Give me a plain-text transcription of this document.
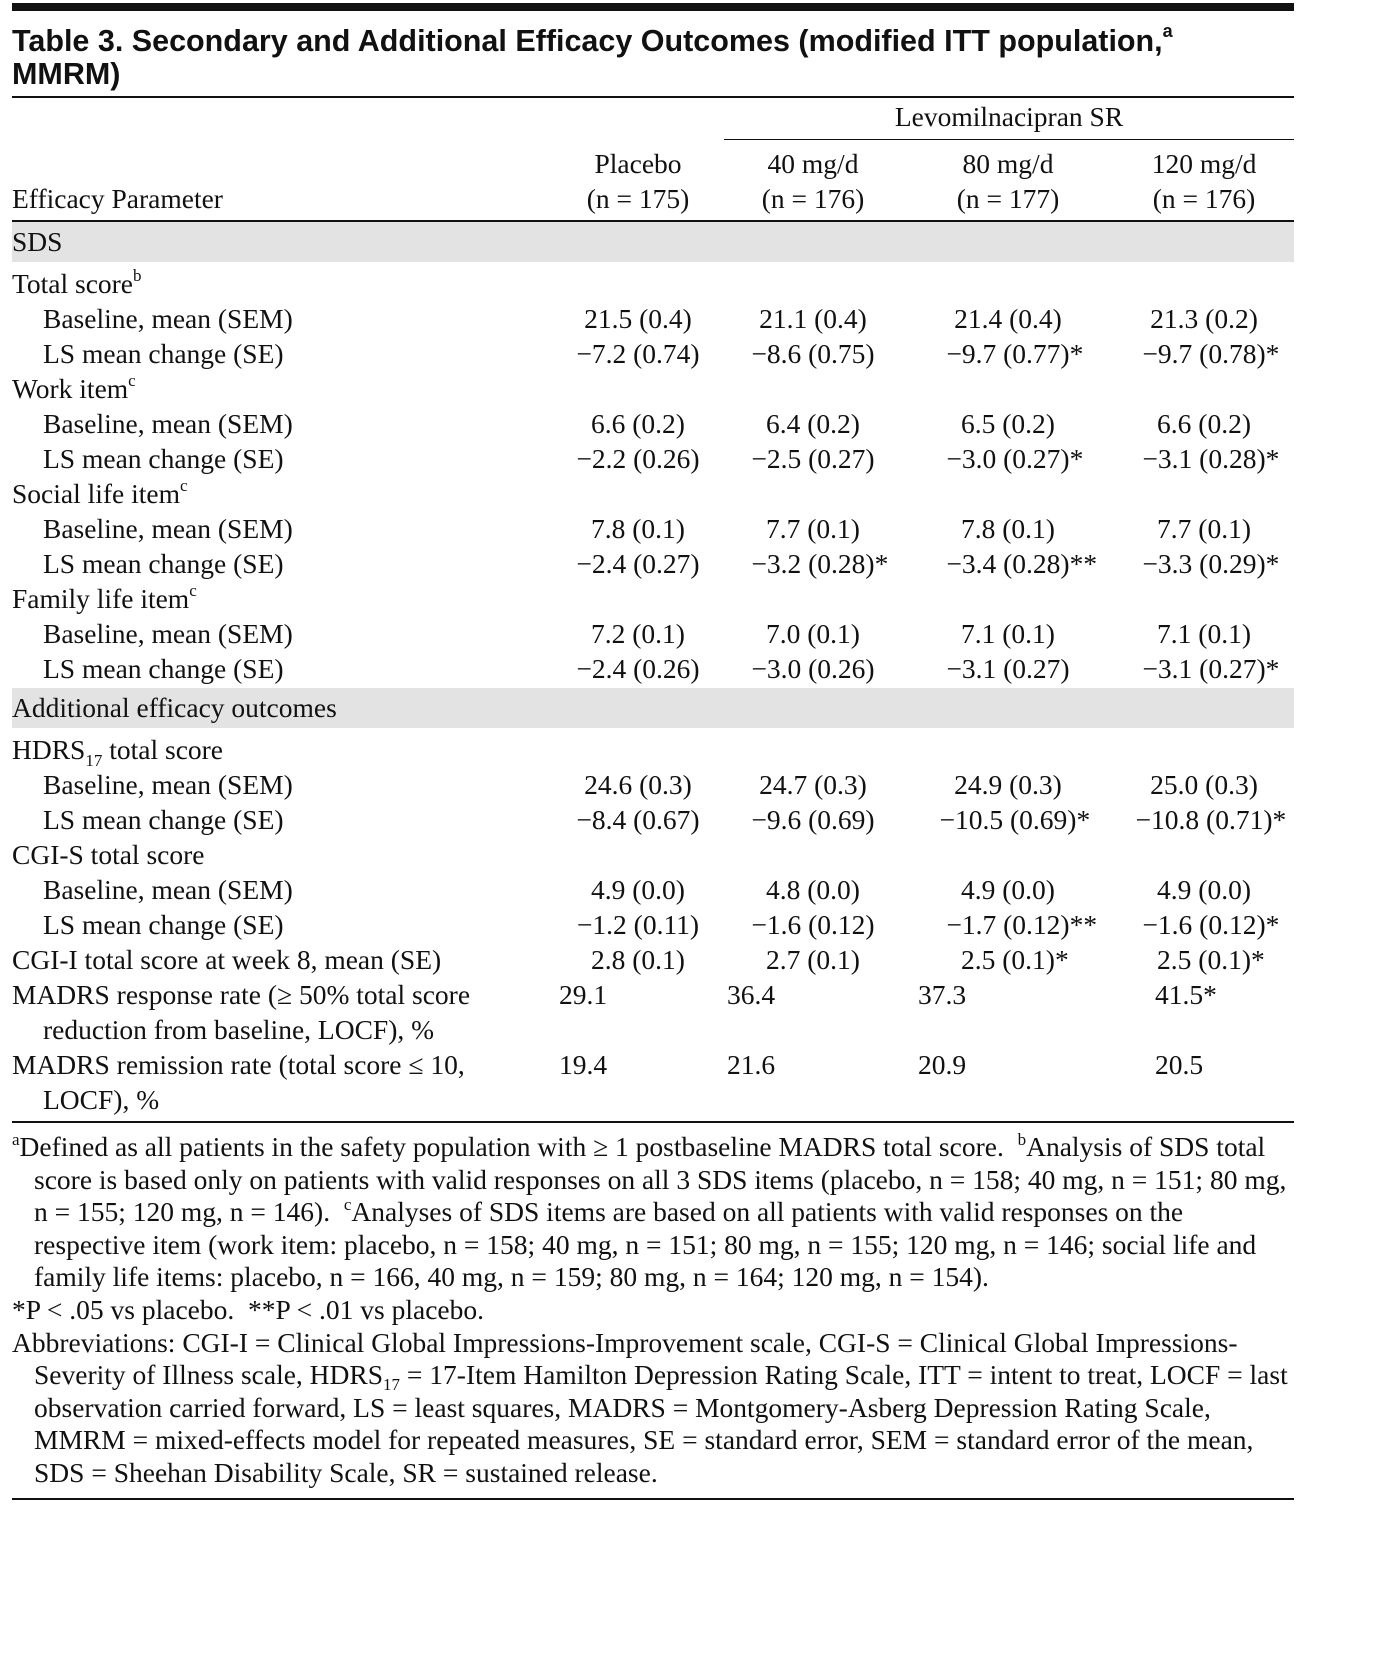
Table 3. Secondary and Additional Efficacy Outcomes (modified ITT population,$^a$
MMRM)
		Levomilnacipran SR		
	Placebo	40 mg/d	80 mg/d	120 mg/d
Efficacy Parameter	(n = 175)	(n = 176)	(n = 177)	(n = 176)

SDS				

Total score$^b$
Baseline, mean (SEM)	21.5 (0.4)	21.1 (0.4)	21.4 (0.4)	21.3 (0.2)
LS mean change (SE)	−7.2 (0.74)	−8.6 (0.75)	−9.7 (0.77)*	−9.7 (0.78)*
Work item$^c$
Baseline, mean (SEM)	6.6 (0.2)	6.4 (0.2)	6.5 (0.2)	6.6 (0.2)
LS mean change (SE)	−2.2 (0.26)	−2.5 (0.27)	−3.0 (0.27)*	−3.1 (0.28)*
Social life item$^c$
Baseline, mean (SEM)	7.8 (0.1)	7.7 (0.1)	7.8 (0.1)	7.7 (0.1)
LS mean change (SE)	−2.4 (0.27)	−3.2 (0.28)*	−3.4 (0.28)**	−3.3 (0.29)*
Family life item$^c$
Baseline, mean (SEM)	7.2 (0.1)	7.0 (0.1)	7.1 (0.1)	7.1 (0.1)
LS mean change (SE)	−2.4 (0.26)	−3.0 (0.26)	−3.1 (0.27)	−3.1 (0.27)*

Additional efficacy outcomes				

$HDRS_{17}$ total score				
Baseline, mean (SEM)	24.6 (0.3)	24.7 (0.3)	24.9 (0.3)	25.0 (0.3)
LS mean change (SE)	−8.4 (0.67)	−9.6 (0.69)	−10.5 (0.69)*	−10.8 (0.71)*
CGI-S total score				
Baseline, mean (SEM)	4.9 (0.0)	4.8 (0.0)	4.9 (0.0)	4.9 (0.0)
LS mean change (SE)	−1.2 (0.11)	−1.6 (0.12)	−1.7 (0.12)**	−1.6 (0.12)*
CGI-I total score at week 8, mean (SE)	2.8 (0.1)	2.7 (0.1)	2.5 (0.1)*	2.5 (0.1)*
MADRS response rate (≥ 50% total score	29.1	36.4	37.3	41.5*
reduction from baseline, LOCF), %				
MADRS remission rate (total score ≤ 10,	19.4	21.6	20.9	20.5
LOCF), %				

$^a$Defined as all patients in the safety population with ≥ 1 postbaseline MADRS total score. $^b$Analysis of SDS total score is based only on patients with valid responses on all 3 SDS items (placebo, n = 158; 40 mg, n = 151; 80 mg, n = 155; 120 mg, n = 146). $^c$Analyses of SDS items are based on all patients with valid responses on the respective item (work item: placebo, n = 158; 40 mg, n = 151; 80 mg, n = 155; 120 mg, n = 146; social life and family life items: placebo, n = 166, 40 mg, n = 159; 80 mg, n = 164; 120 mg, n = 154).

*P < .05 vs placebo. **P < .01 vs placebo.

Abbreviations: CGI-I = Clinical Global Impressions-Improvement scale, CGI-S = Clinical Global Impressions-Severity of Illness scale, $HDRS_{17}$ = 17-Item Hamilton Depression Rating Scale, ITT = intent to treat, LOCF = last observation carried forward, LS = least squares, MADRS = Montgomery-Asberg Depression Rating Scale, MMRM = mixed-effects model for repeated measures, SE = standard error, SEM = standard error of the mean, SDS = Sheehan Disability Scale, SR = sustained release.
